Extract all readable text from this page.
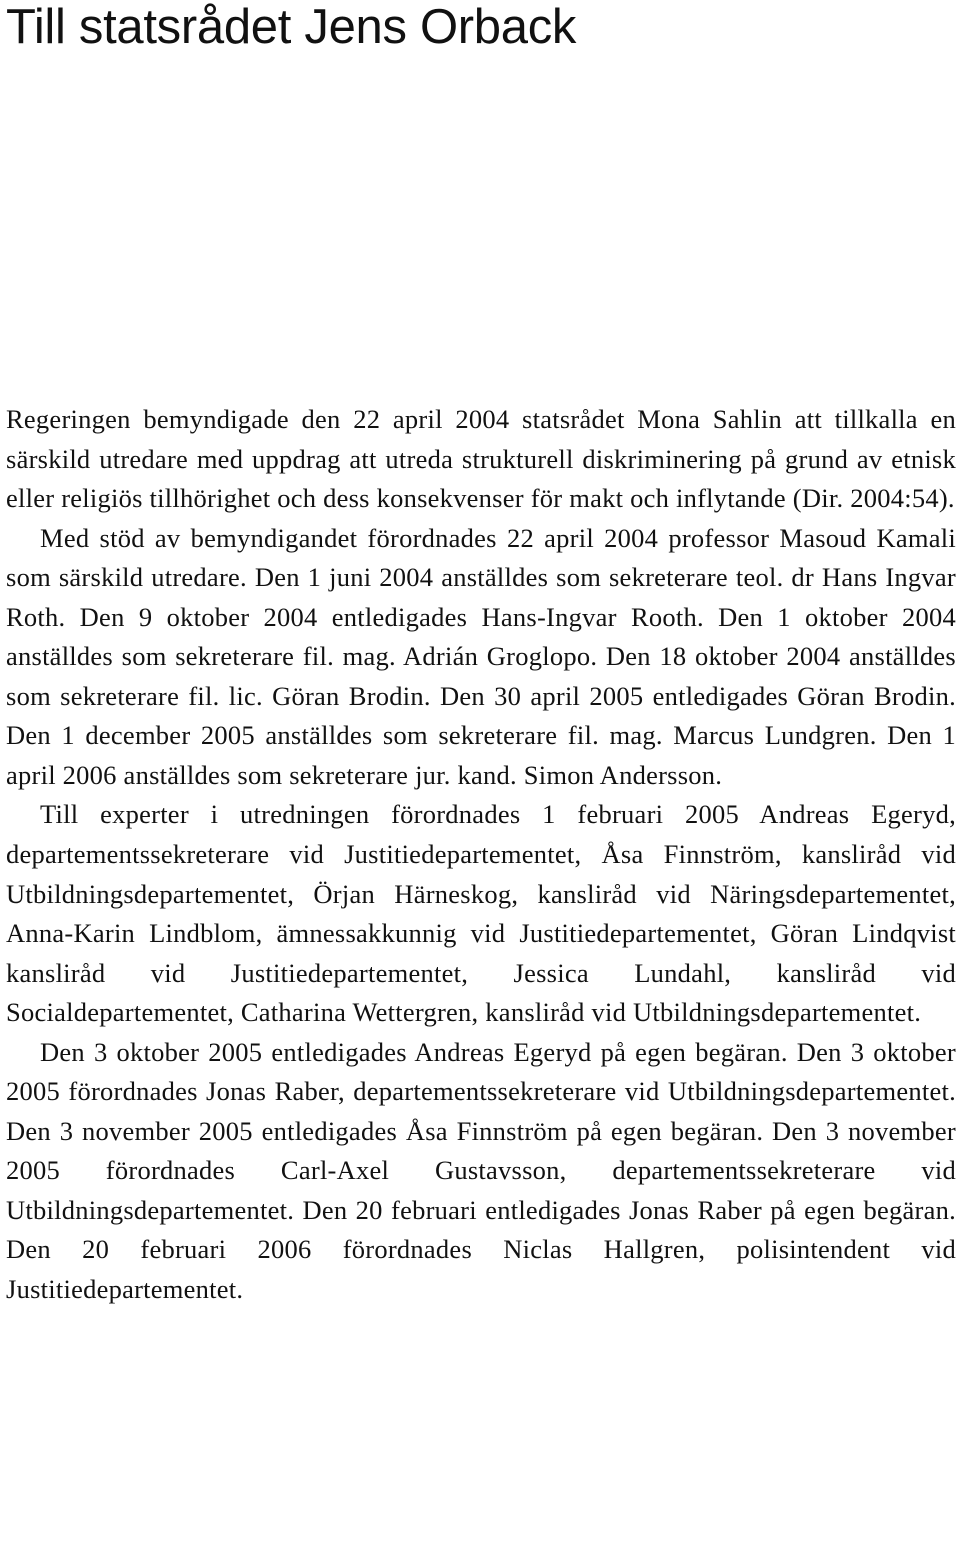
Till statsrådet Jens Orback

Regeringen bemyndigade den 22 april 2004 statsrådet Mona Sahlin att tillkalla en särskild utredare med uppdrag att utreda strukturell diskriminering på grund av etnisk eller religiös tillhörighet och dess konsekvenser för makt och inflytande (Dir. 2004:54).

Med stöd av bemyndigandet förordnades 22 april 2004 professor Masoud Kamali som särskild utredare. Den 1 juni 2004 anställdes som sekreterare teol. dr Hans Ingvar Roth. Den 9 oktober 2004 entledigades Hans-Ingvar Rooth. Den 1 oktober 2004 anställdes som sekreterare fil. mag. Adrián Groglopo. Den 18 oktober 2004 anställdes som sekreterare fil. lic. Göran Brodin. Den 30 april 2005 entledigades Göran Brodin. Den 1 december 2005 anställdes som sekreterare fil. mag. Marcus Lundgren. Den 1 april 2006 anställdes som sekreterare jur. kand. Simon Andersson.

Till experter i utredningen förordnades 1 februari 2005 Andreas Egeryd, departementssekreterare vid Justitiedepartementet, Åsa Finnström, kansliråd vid Utbildningsdepartementet, Örjan Härneskog, kansliråd vid Näringsdepartementet, Anna-Karin Lindblom, ämnessakkunnig vid Justitiedepartementet, Göran Lindqvist kansliråd vid Justitiedepartementet, Jessica Lundahl, kansliråd vid Socialdepartementet, Catharina Wettergren, kansliråd vid Utbildningsdepartementet.

Den 3 oktober 2005 entledigades Andreas Egeryd på egen begäran. Den 3 oktober 2005 förordnades Jonas Raber, departementssekreterare vid Utbildningsdepartementet. Den 3 november 2005 entledigades Åsa Finnström på egen begäran. Den 3 november 2005 förordnades Carl-Axel Gustavsson, departementssekreterare vid Utbildningsdepartementet. Den 20 februari entledigades Jonas Raber på egen begäran. Den 20 februari 2006 förordnades Niclas Hallgren, polisintendent vid Justitiedepartementet.
